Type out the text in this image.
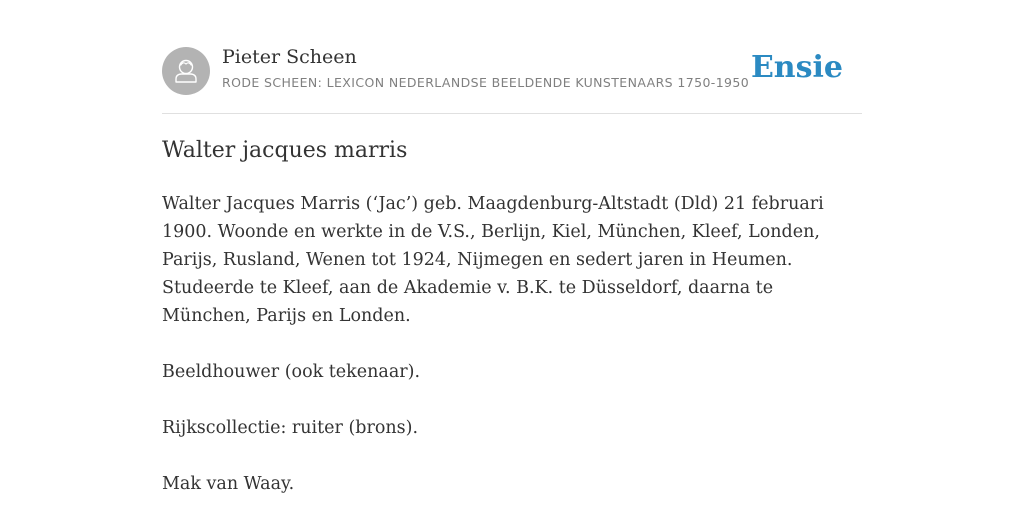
Pieter Scheen
RODE SCHEEN: LEXICON NEDERLANDSE BEELDENDE KUNSTENAARS 1750-1950 Ensie
Walter jacques marris

Walter Jacques Marris (‘Jac’) geb. Maagdenburg-Altstadt (Dld) 21 februari 1900. Woonde en werkte in de V.S., Berlijn, Kiel, München, Kleef, Londen, Parijs, Rusland, Wenen tot 1924, Nijmegen en sedert jaren in Heumen. Studeerde te Kleef, aan de Akademie v. B.K. te Düsseldorf, daarna te München, Parijs en Londen.

Beeldhouwer (ook tekenaar).

Rijkscollectie: ruiter (brons).

Mak van Waay.
